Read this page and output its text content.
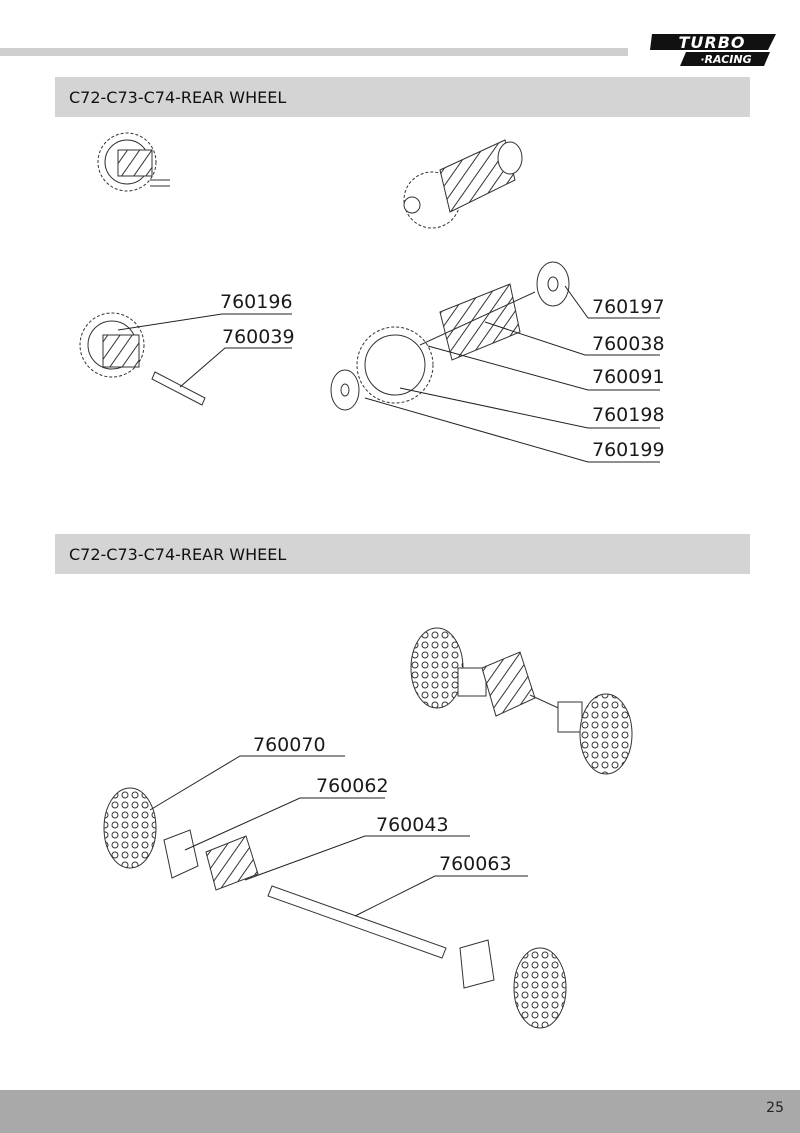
TURBO
·RACING
C72-C73-C74-REAR WHEEL
C72-C73-C74-REAR WHEEL
760196
760039
760197
760038
760091
760198
760199
760070
760062
760043
760063
25
